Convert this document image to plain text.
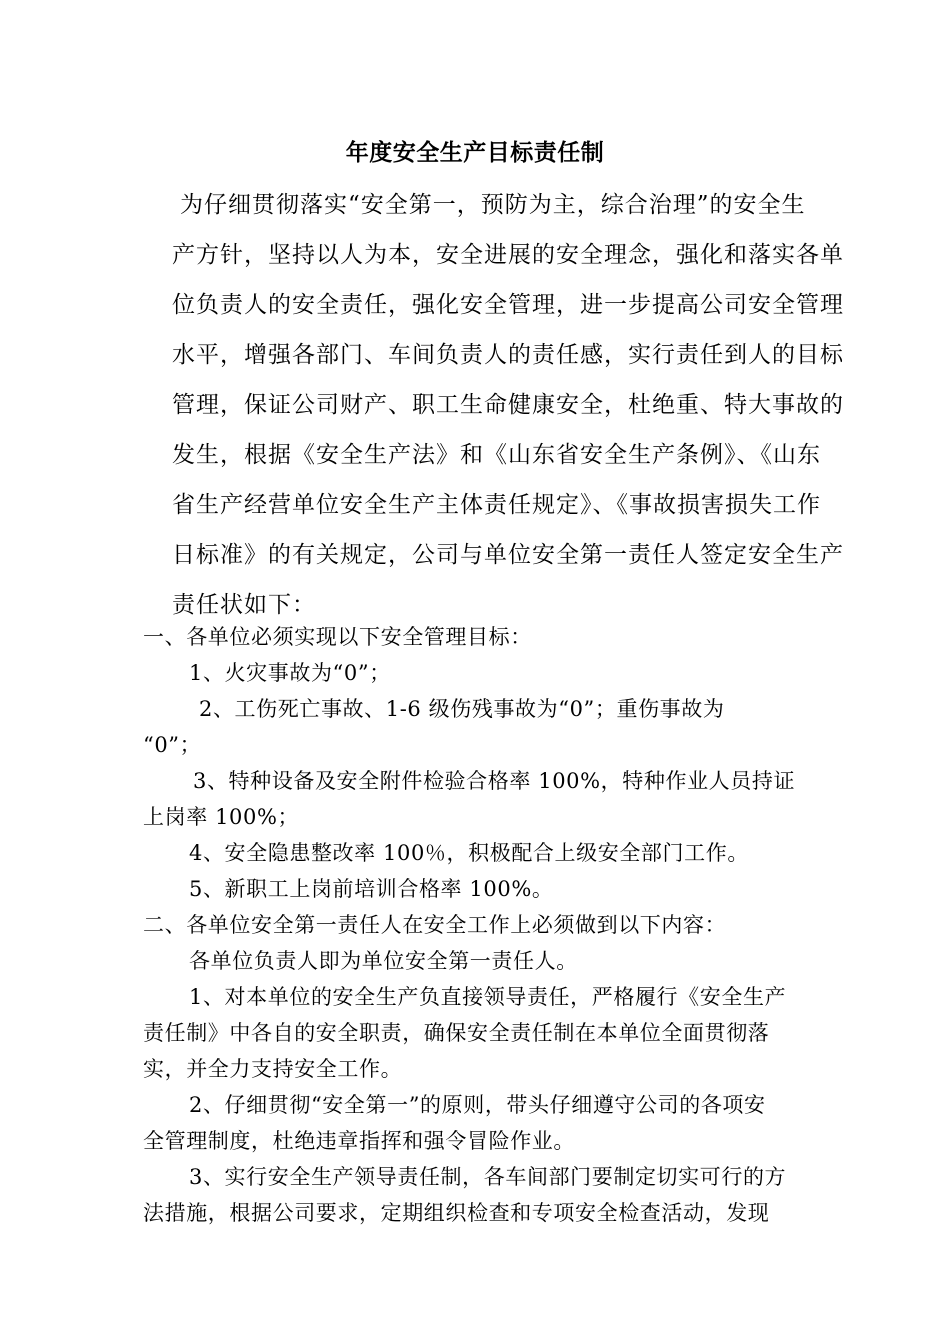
年度安全生产目标责任制
为仔细贯彻落实“安全第一，预防为主，综合治理”的安全生
产方针，坚持以人为本，安全进展的安全理念，强化和落实各单
位负责人的安全责任，强化安全管理，进一步提高公司安全管理
水平，增强各部门、车间负责人的责任感，实行责任到人的目标
管理，保证公司财产、职工生命健康安全，杜绝重、特大事故的
发生，根据《安全生产法》和《山东省安全生产条例》、《山东
省生产经营单位安全生产主体责任规定》、《事故损害损失工作
日标准》的有关规定，公司与单位安全第一责任人签定安全生产
责任状如下：
一、各单位必须实现以下安全管理目标：
1、火灾事故为“0”；
2、工伤死亡事故、1-6 级伤残事故为“0”；重伤事故为
“0”；
3、特种设备及安全附件检验合格率 100%，特种作业人员持证
上岗率 100%；
4、安全隐患整改率 100％，积极配合上级安全部门工作。
5、新职工上岗前培训合格率 100%。
二、各单位安全第一责任人在安全工作上必须做到以下内容：
各单位负责人即为单位安全第一责任人。
1、对本单位的安全生产负直接领导责任，严格履行《安全生产
责任制》中各自的安全职责，确保安全责任制在本单位全面贯彻落
实，并全力支持安全工作。
2、仔细贯彻“安全第一”的原则，带头仔细遵守公司的各项安
全管理制度，杜绝违章指挥和强令冒险作业。
3、实行安全生产领导责任制，各车间部门要制定切实可行的方
法措施，根据公司要求，定期组织检查和专项安全检查活动，发现
